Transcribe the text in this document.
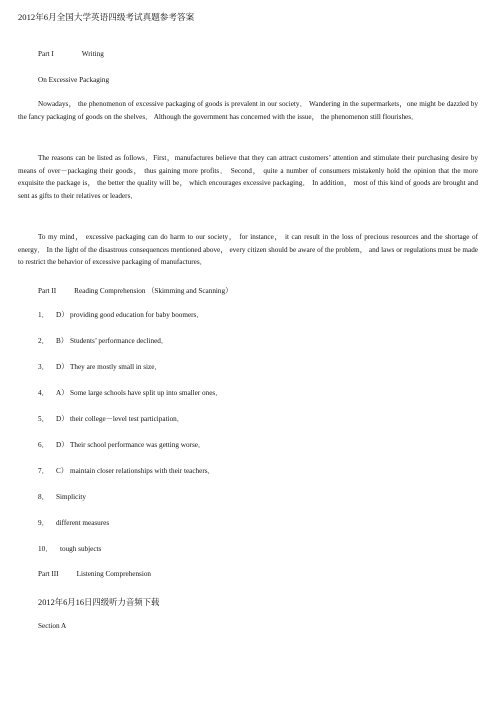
2012年6月全国大学英语四级考试真题参考答案
Part I	Writing
On Excessive Packaging
Nowadays， the phenomenon of excessive packaging of goods is prevalent in our society． Wandering in the supermarkets，one might be dazzled by the fancy packaging of goods on the shelves． Although the government has concerned with the issue， the phenomenon still flourishes．
The reasons can be listed as follows．First，manufactures believe that they can attract customers’ attention and stimulate their purchasing desire by means of over－packaging their goods， thus gaining more profits． Second， quite a number of consumers mistakenly hold the opinion that the more exquisite the package is， the better the quality will be， which encourages excessive packaging． In addition， most of this kind of goods are brought and sent as gifts to their relatives or leaders．
To my mind， excessive packaging can do harm to our society， for instance， it can result in the loss of precious resources and the shortage of energy． In the light of the disastrous consequences mentioned above， every citizen should be aware of the problem， and laws or regulations must be made to restrict the behavior of excessive packaging of manufactures．
Part II	Reading Comprehension （Skimming and Scanning）
1． D） providing good education for baby boomers．
2． B） Students’ performance declined．
3． D） They are mostly small in size．
4． A） Some large schools have split up into smaller ones．
5． D） their college－level test participation．
6． D） Their school performance was getting worse．
7． C） maintain closer relationships with their teachers．
8． Simplicity
9． different measures
10． tough subjects
Part III	Listening Comprehension
2012年6月16日四级听力音频下载
Section A
